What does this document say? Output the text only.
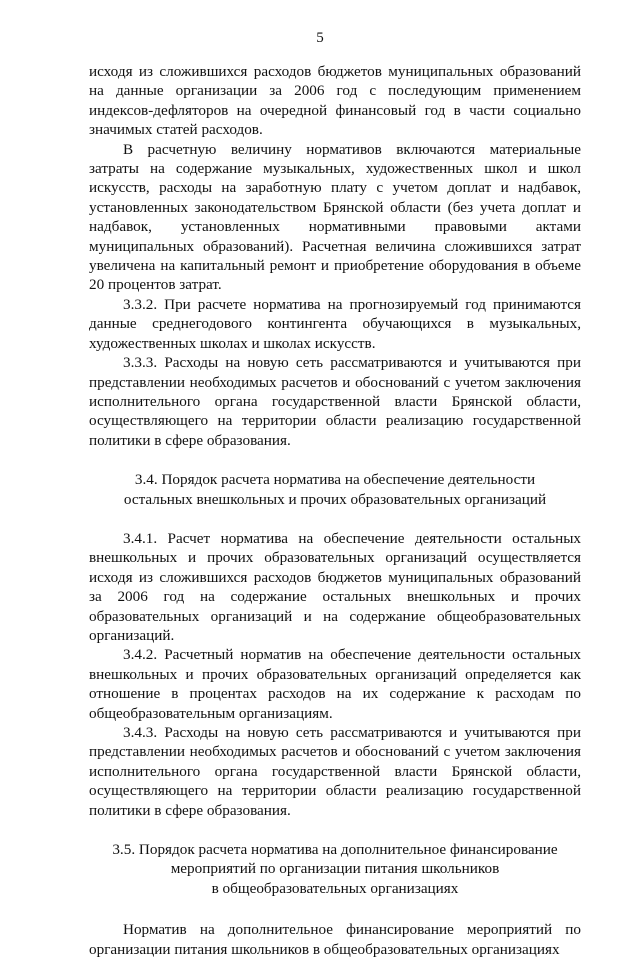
5

исходя из сложившихся расходов бюджетов муниципальных образований на данные организации за 2006 год с последующим применением индексов-дефляторов на очередной финансовый год в части социально значимых статей расходов.

В расчетную величину нормативов включаются материальные затраты на содержание музыкальных, художественных школ и школ искусств, расходы на заработную плату с учетом доплат и надбавок, установленных законодательством Брянской области (без учета доплат и надбавок, установленных нормативными правовыми актами муниципальных образований). Расчетная величина сложившихся затрат увеличена на капитальный ремонт и приобретение оборудования в объеме 20 процентов затрат.

3.3.2. При расчете норматива на прогнозируемый год принимаются данные среднегодового контингента обучающихся в музыкальных, художественных школах и школах искусств.

3.3.3. Расходы на новую сеть рассматриваются и учитываются при представлении необходимых расчетов и обоснований с учетом заключения исполнительного органа государственной власти Брянской области, осуществляющего на территории области реализацию государственной политики в сфере образования.

3.4. Порядок расчета норматива на обеспечение деятельности
остальных внешкольных и прочих образовательных организаций

3.4.1. Расчет норматива на обеспечение деятельности остальных внешкольных и прочих образовательных организаций осуществляется исходя из сложившихся расходов бюджетов муниципальных образований за 2006 год на содержание остальных внешкольных и прочих образовательных организаций и на содержание общеобразовательных организаций.

3.4.2. Расчетный норматив на обеспечение деятельности остальных внешкольных и прочих образовательных организаций определяется как отношение в процентах расходов на их содержание к расходам по общеобразовательным организациям.

3.4.3. Расходы на новую сеть рассматриваются и учитываются при представлении необходимых расчетов и обоснований с учетом заключения исполнительного органа государственной власти Брянской области, осуществляющего на территории области реализацию государственной политики в сфере образования.

3.5. Порядок расчета норматива на дополнительное финансирование
мероприятий по организации питания школьников
в общеобразовательных организациях

Норматив на дополнительное финансирование мероприятий по организации питания школьников в общеобразовательных организациях
